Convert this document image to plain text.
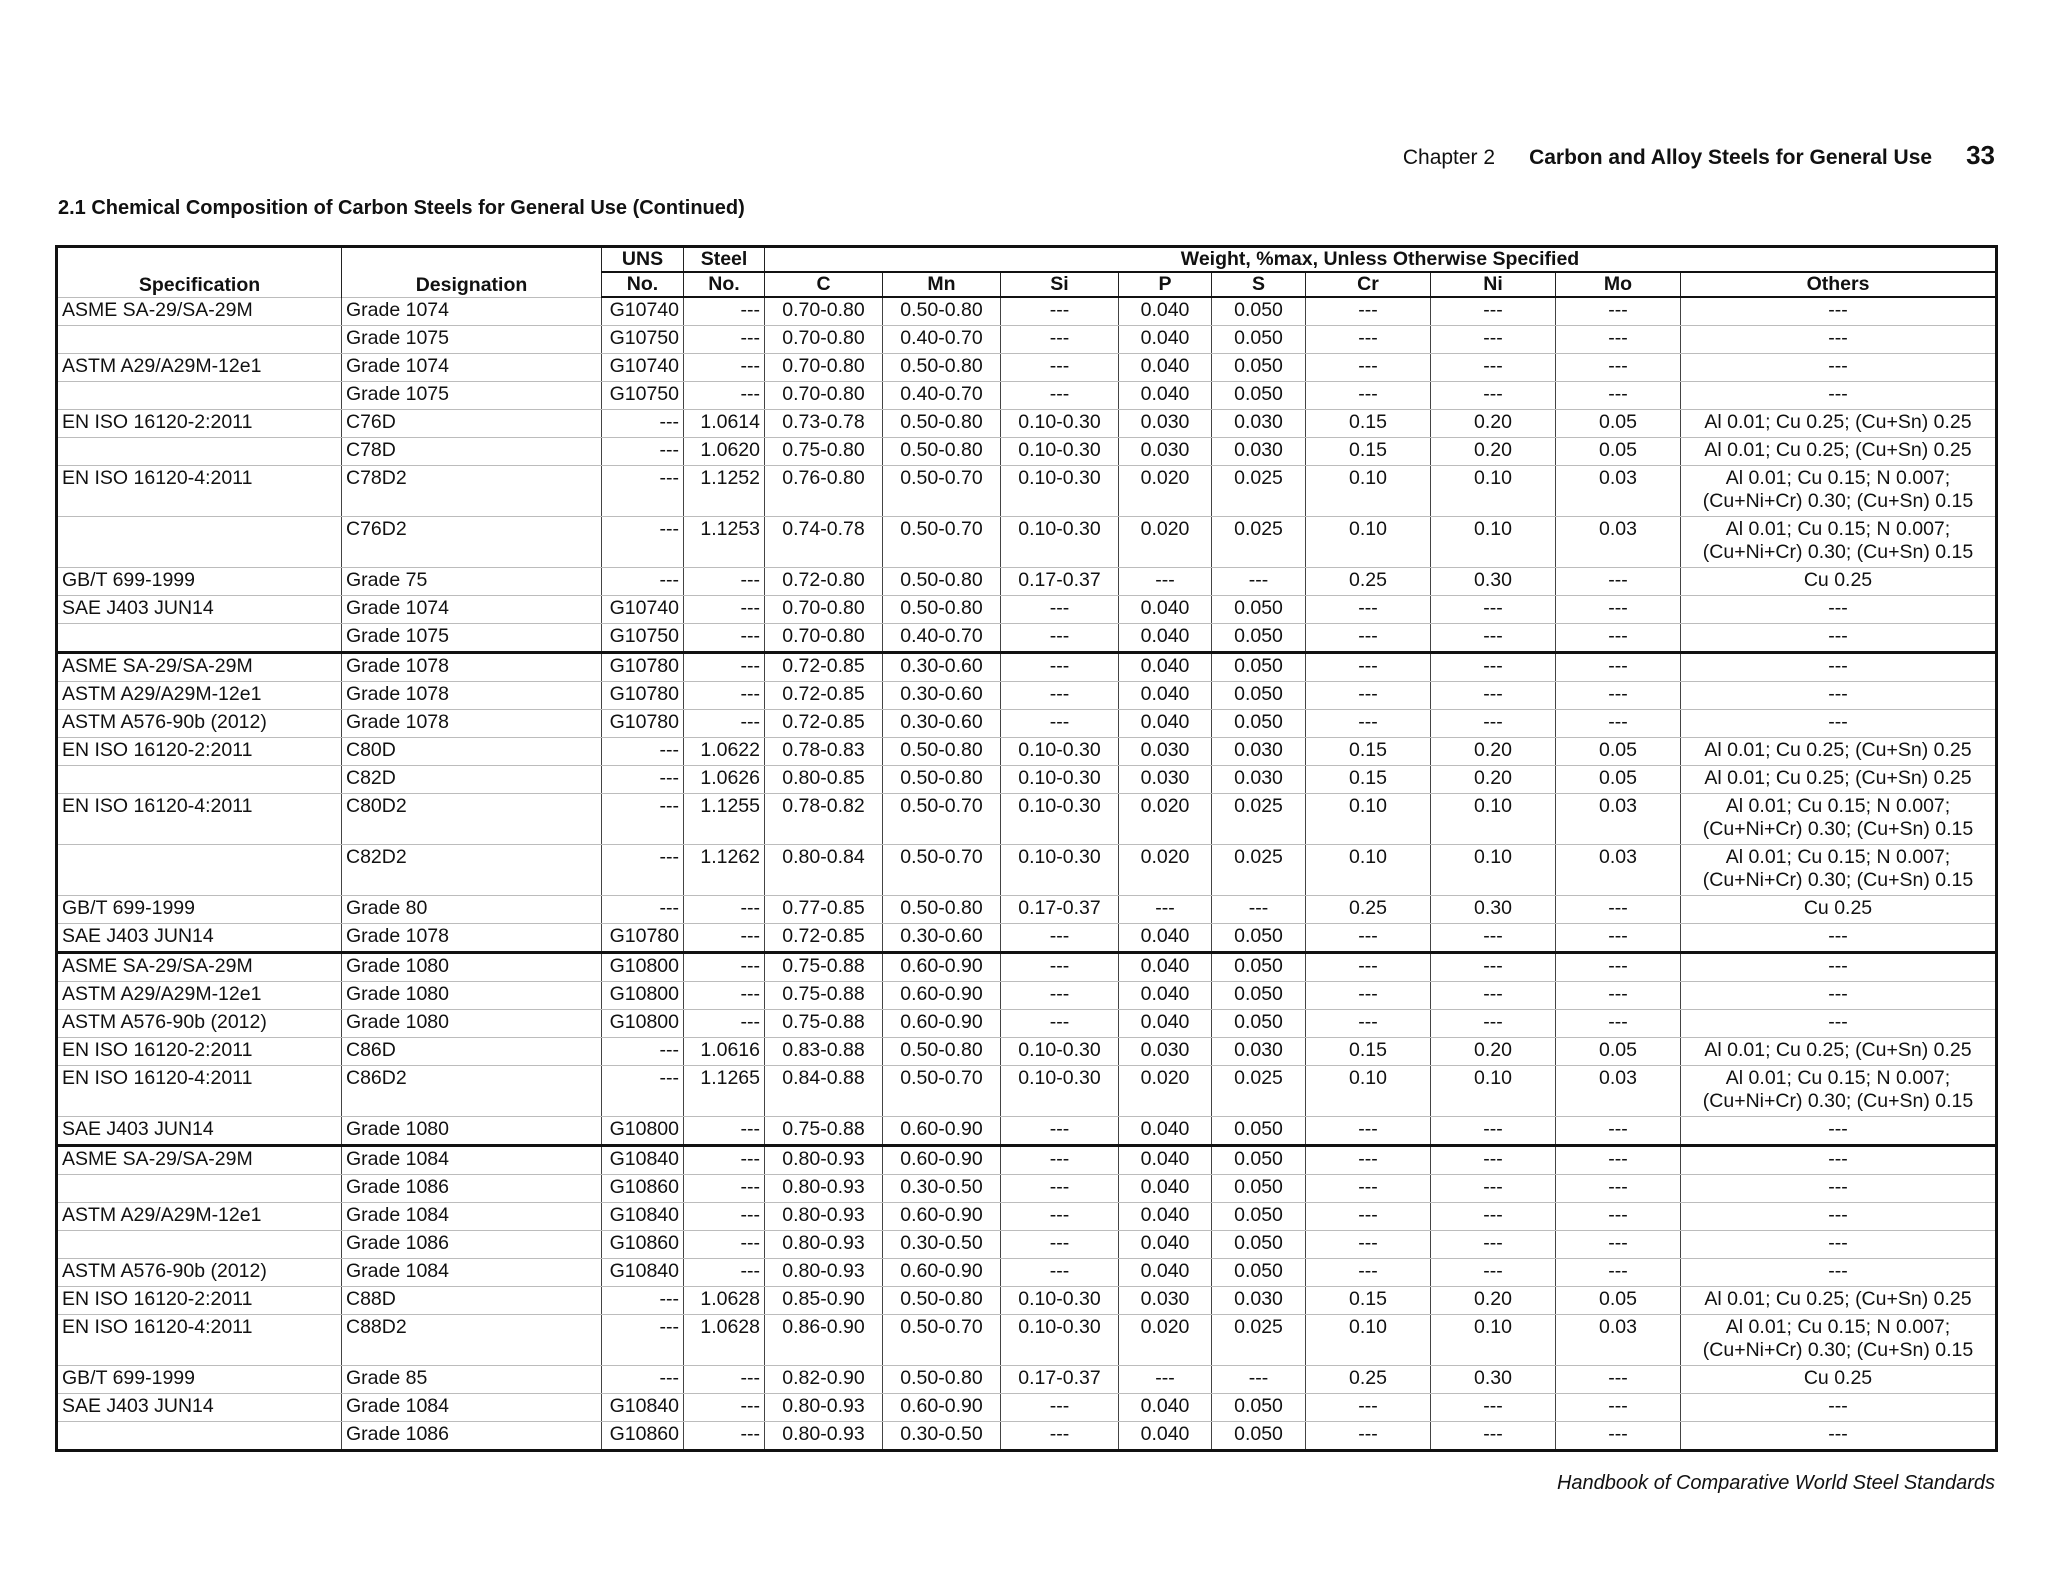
Chapter 2 Carbon and Alloy Steels for General Use 33
2.1 Chemical Composition of Carbon Steels for General Use (Continued)
Specification	Designation	UNS	Steel	Weight, %max, Unless Otherwise Specified								
		No.	No.	C	Mn	Si	P	S	Cr	Ni	Mo	Others
ASME SA-29/SA-29M	Grade 1074	G10740	---	0.70-0.80	0.50-0.80	---	0.040	0.050	---	---	---	---

	Grade 1075	G10750	---	0.70-0.80	0.40-0.70	---	0.040	0.050	---	---	---	---

ASTM A29/A29M-12e1	Grade 1074	G10740	---	0.70-0.80	0.50-0.80	---	0.040	0.050	---	---	---	---

	Grade 1075	G10750	---	0.70-0.80	0.40-0.70	---	0.040	0.050	---	---	---	---

EN ISO 16120-2:2011	C76D	---	1.0614	0.73-0.78	0.50-0.80	0.10-0.30	0.030	0.030	0.15	0.20	0.05	Al 0.01; Cu 0.25; (Cu+Sn) 0.25

	C78D	---	1.0620	0.75-0.80	0.50-0.80	0.10-0.30	0.030	0.030	0.15	0.20	0.05	Al 0.01; Cu 0.25; (Cu+Sn) 0.25

EN ISO 16120-4:2011	C78D2	---	1.1252	0.76-0.80	0.50-0.70	0.10-0.30	0.020	0.025	0.10	0.10	0.03	Al 0.01; Cu 0.15; N 0.007;
(Cu+Ni+Cr) 0.30; (Cu+Sn) 0.15

	C76D2	---	1.1253	0.74-0.78	0.50-0.70	0.10-0.30	0.020	0.025	0.10	0.10	0.03	Al 0.01; Cu 0.15; N 0.007;
(Cu+Ni+Cr) 0.30; (Cu+Sn) 0.15

GB/T 699-1999	Grade 75	---	---	0.72-0.80	0.50-0.80	0.17-0.37	---	---	0.25	0.30	---	Cu 0.25

SAE J403 JUN14	Grade 1074	G10740	---	0.70-0.80	0.50-0.80	---	0.040	0.050	---	---	---	---

	Grade 1075	G10750	---	0.70-0.80	0.40-0.70	---	0.040	0.050	---	---	---	---

ASME SA-29/SA-29M	Grade 1078	G10780	---	0.72-0.85	0.30-0.60	---	0.040	0.050	---	---	---	---

ASTM A29/A29M-12e1	Grade 1078	G10780	---	0.72-0.85	0.30-0.60	---	0.040	0.050	---	---	---	---

ASTM A576-90b (2012)	Grade 1078	G10780	---	0.72-0.85	0.30-0.60	---	0.040	0.050	---	---	---	---

EN ISO 16120-2:2011	C80D	---	1.0622	0.78-0.83	0.50-0.80	0.10-0.30	0.030	0.030	0.15	0.20	0.05	Al 0.01; Cu 0.25; (Cu+Sn) 0.25

	C82D	---	1.0626	0.80-0.85	0.50-0.80	0.10-0.30	0.030	0.030	0.15	0.20	0.05	Al 0.01; Cu 0.25; (Cu+Sn) 0.25

EN ISO 16120-4:2011	C80D2	---	1.1255	0.78-0.82	0.50-0.70	0.10-0.30	0.020	0.025	0.10	0.10	0.03	Al 0.01; Cu 0.15; N 0.007;
(Cu+Ni+Cr) 0.30; (Cu+Sn) 0.15

	C82D2	---	1.1262	0.80-0.84	0.50-0.70	0.10-0.30	0.020	0.025	0.10	0.10	0.03	Al 0.01; Cu 0.15; N 0.007;
(Cu+Ni+Cr) 0.30; (Cu+Sn) 0.15

GB/T 699-1999	Grade 80	---	---	0.77-0.85	0.50-0.80	0.17-0.37	---	---	0.25	0.30	---	Cu 0.25

SAE J403 JUN14	Grade 1078	G10780	---	0.72-0.85	0.30-0.60	---	0.040	0.050	---	---	---	---

ASME SA-29/SA-29M	Grade 1080	G10800	---	0.75-0.88	0.60-0.90	---	0.040	0.050	---	---	---	---

ASTM A29/A29M-12e1	Grade 1080	G10800	---	0.75-0.88	0.60-0.90	---	0.040	0.050	---	---	---	---

ASTM A576-90b (2012)	Grade 1080	G10800	---	0.75-0.88	0.60-0.90	---	0.040	0.050	---	---	---	---

EN ISO 16120-2:2011	C86D	---	1.0616	0.83-0.88	0.50-0.80	0.10-0.30	0.030	0.030	0.15	0.20	0.05	Al 0.01; Cu 0.25; (Cu+Sn) 0.25

EN ISO 16120-4:2011	C86D2	---	1.1265	0.84-0.88	0.50-0.70	0.10-0.30	0.020	0.025	0.10	0.10	0.03	Al 0.01; Cu 0.15; N 0.007;
(Cu+Ni+Cr) 0.30; (Cu+Sn) 0.15

SAE J403 JUN14	Grade 1080	G10800	---	0.75-0.88	0.60-0.90	---	0.040	0.050	---	---	---	---

ASME SA-29/SA-29M	Grade 1084	G10840	---	0.80-0.93	0.60-0.90	---	0.040	0.050	---	---	---	---

	Grade 1086	G10860	---	0.80-0.93	0.30-0.50	---	0.040	0.050	---	---	---	---

ASTM A29/A29M-12e1	Grade 1084	G10840	---	0.80-0.93	0.60-0.90	---	0.040	0.050	---	---	---	---

	Grade 1086	G10860	---	0.80-0.93	0.30-0.50	---	0.040	0.050	---	---	---	---

ASTM A576-90b (2012)	Grade 1084	G10840	---	0.80-0.93	0.60-0.90	---	0.040	0.050	---	---	---	---

EN ISO 16120-2:2011	C88D	---	1.0628	0.85-0.90	0.50-0.80	0.10-0.30	0.030	0.030	0.15	0.20	0.05	Al 0.01; Cu 0.25; (Cu+Sn) 0.25

EN ISO 16120-4:2011	C88D2	---	1.0628	0.86-0.90	0.50-0.70	0.10-0.30	0.020	0.025	0.10	0.10	0.03	Al 0.01; Cu 0.15; N 0.007;
(Cu+Ni+Cr) 0.30; (Cu+Sn) 0.15

GB/T 699-1999	Grade 85	---	---	0.82-0.90	0.50-0.80	0.17-0.37	---	---	0.25	0.30	---	Cu 0.25

SAE J403 JUN14	Grade 1084	G10840	---	0.80-0.93	0.60-0.90	---	0.040	0.050	---	---	---	---

	Grade 1086	G10860	---	0.80-0.93	0.30-0.50	---	0.040	0.050	---	---	---	---
Handbook of Comparative World Steel Standards
